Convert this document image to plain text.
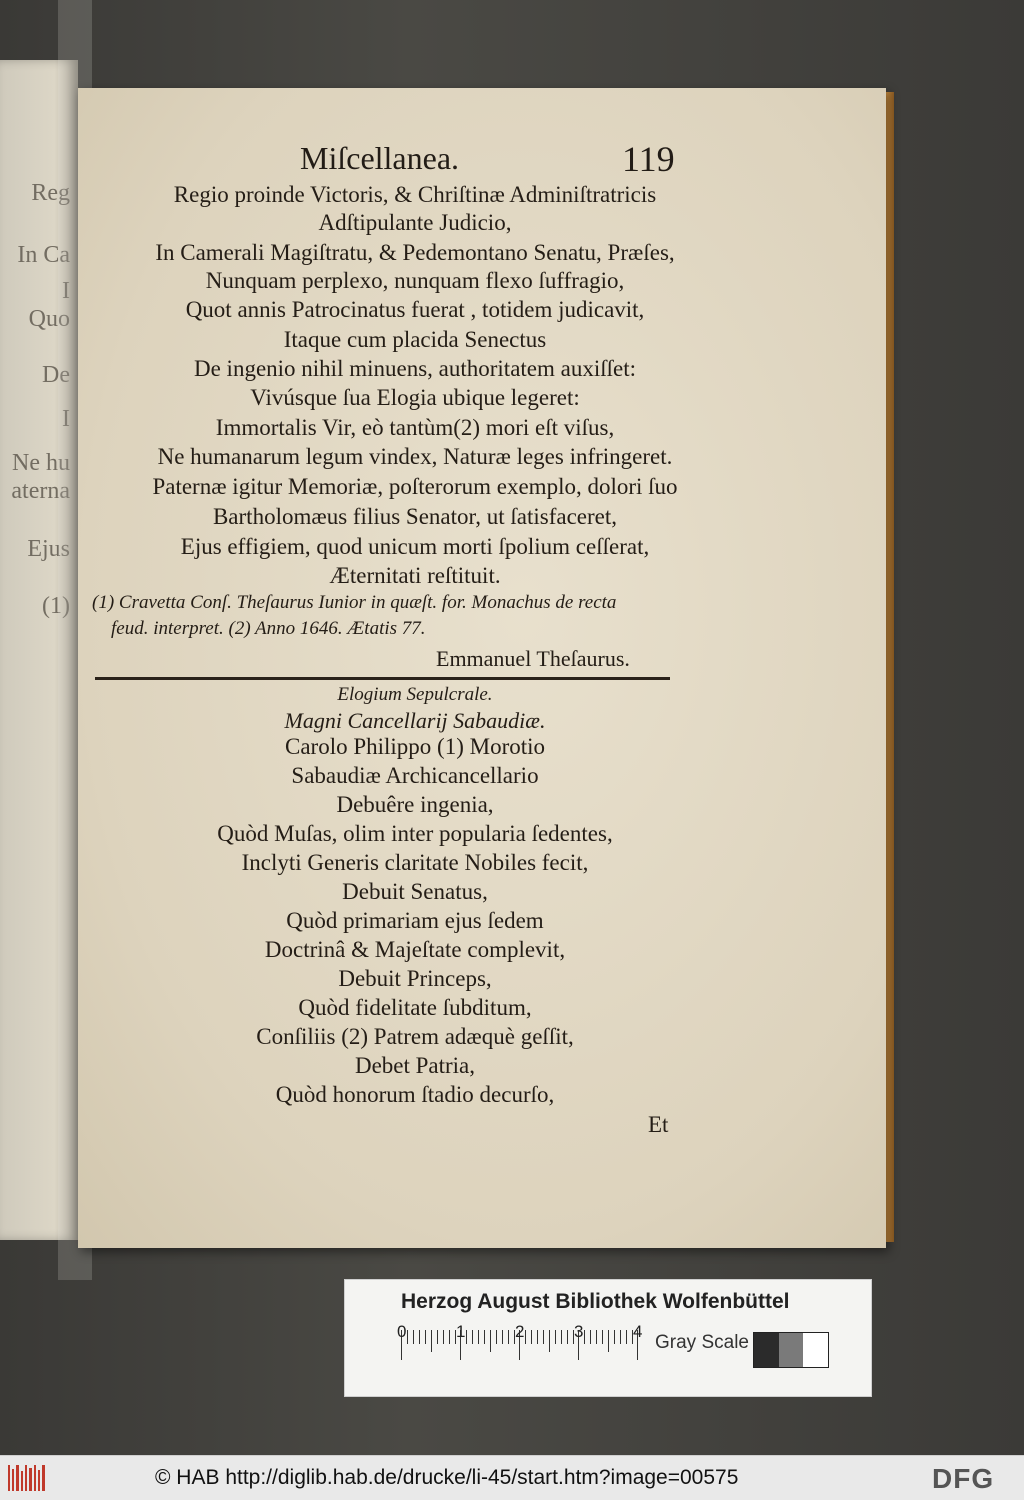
Reg
In Ca
I
Quo
De
I
Ne hu
aterna
Ejus
(1)
Miſcellanea.	119
Regio proinde Victoris, & Chriſtinæ Adminiſtratricis
Adſtipulante Judicio,
In Camerali Magiſtratu, & Pedemontano Senatu, Præſes,
Nunquam perplexo, nunquam flexo ſuffragio,
Quot annis Patrocinatus fuerat , totidem judicavit,
Itaque cum placida Senectus
De ingenio nihil minuens, authoritatem auxiſſet:
Vivúsque ſua Elogia ubique legeret:
Immortalis Vir, eò tantùm(2) mori eſt viſus,
Ne humanarum legum vindex, Naturæ leges infringeret.
Paternæ igitur Memoriæ, poſterorum exemplo, dolori ſuo
Bartholomæus filius Senator, ut ſatisfaceret,
Ejus effigiem, quod unicum morti ſpolium ceſſerat,
Æternitati reſtituit.
(1) Cravetta Conſ. Theſaurus Iunior in quæſt. for. Monachus de recta
feud. interpret. (2) Anno 1646. Ætatis 77.
Emmanuel Theſaurus.
Elogium Sepulcrale.
Magni Cancellarij Sabaudiæ.
Carolo Philippo (1) Morotio
Sabaudiæ Archicancellario
Debuêre ingenia,
Quòd Muſas, olim inter popularia ſedentes,
Inclyti Generis claritate Nobiles fecit,
Debuit Senatus,
Quòd primariam ejus ſedem
Doctrinâ & Majeſtate complevit,
Debuit Princeps,
Quòd fidelitate ſubditum,
Conſiliis (2) Patrem adæquè geſſit,
Debet Patria,
Quòd honorum ſtadio decurſo,
Et
Herzog August Bibliothek Wolfenbüttel
0	1	2	3	4
Gray Scale
© HAB http://diglib.hab.de/drucke/li-45/start.htm?image=00575	DFG
